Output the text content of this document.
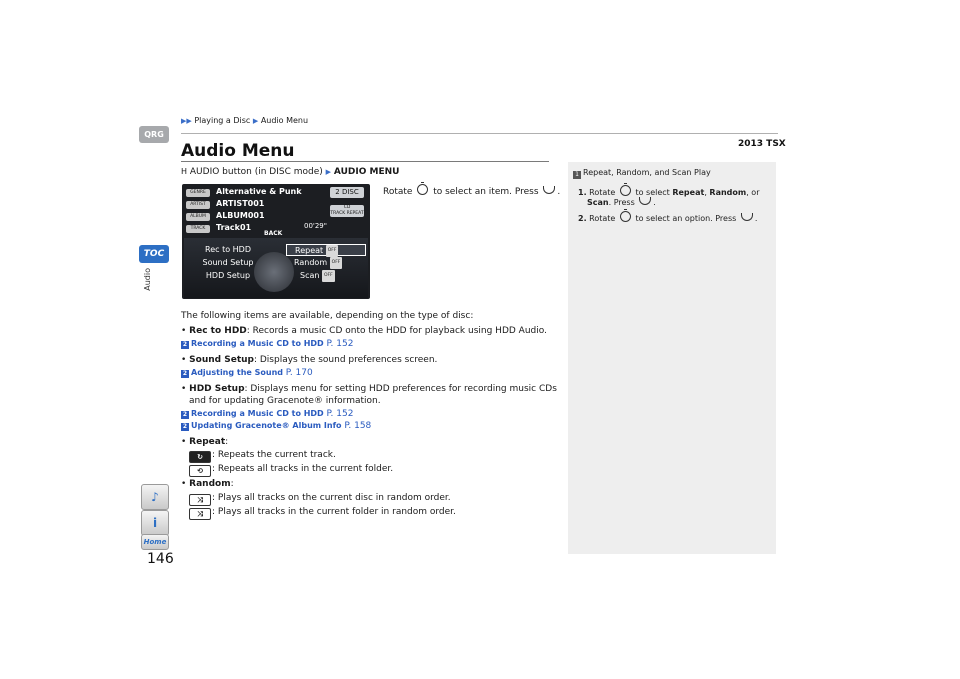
▶▶ Playing a Disc ▶ Audio Menu
2013 TSX
QRG
TOC
Audio
Audio Menu
H AUDIO button (in DISC mode) ▶ AUDIO MENU
GENRE Alternative & Punk
ARTIST ARTIST001
ALBUM ALBUM001
TRACK Track01
2 DISC
CD
TRACK REPEAT
00'29"
BACK
Rec to HDD
Sound Setup
HDD Setup
Repeat OFF
Random OFF
Scan OFF
Rotate to select an item. Press .
The following items are available, depending on the type of disc:
• Rec to HDD: Records a music CD onto the HDD for playback using HDD Audio.
2 Recording a Music CD to HDD P. 152
• Sound Setup: Displays the sound preferences screen.
2 Adjusting the Sound P. 170
• HDD Setup: Displays menu for setting HDD preferences for recording music CDs
and for updating Gracenote® information.
2 Recording a Music CD to HDD P. 152
2 Updating Gracenote® Album Info P. 158
• Repeat:
↻ : Repeats the current track.
⟲ : Repeats all tracks in the current folder.
• Random:
⤨ : Plays all tracks on the current disc in random order.
⤨ : Plays all tracks in the current folder in random order.
1 Repeat, Random, and Scan Play
1. Rotate	to select Repeat, Random, or
Scan. Press .
2. Rotate	to select an option. Press .
♪
i
Home
146
